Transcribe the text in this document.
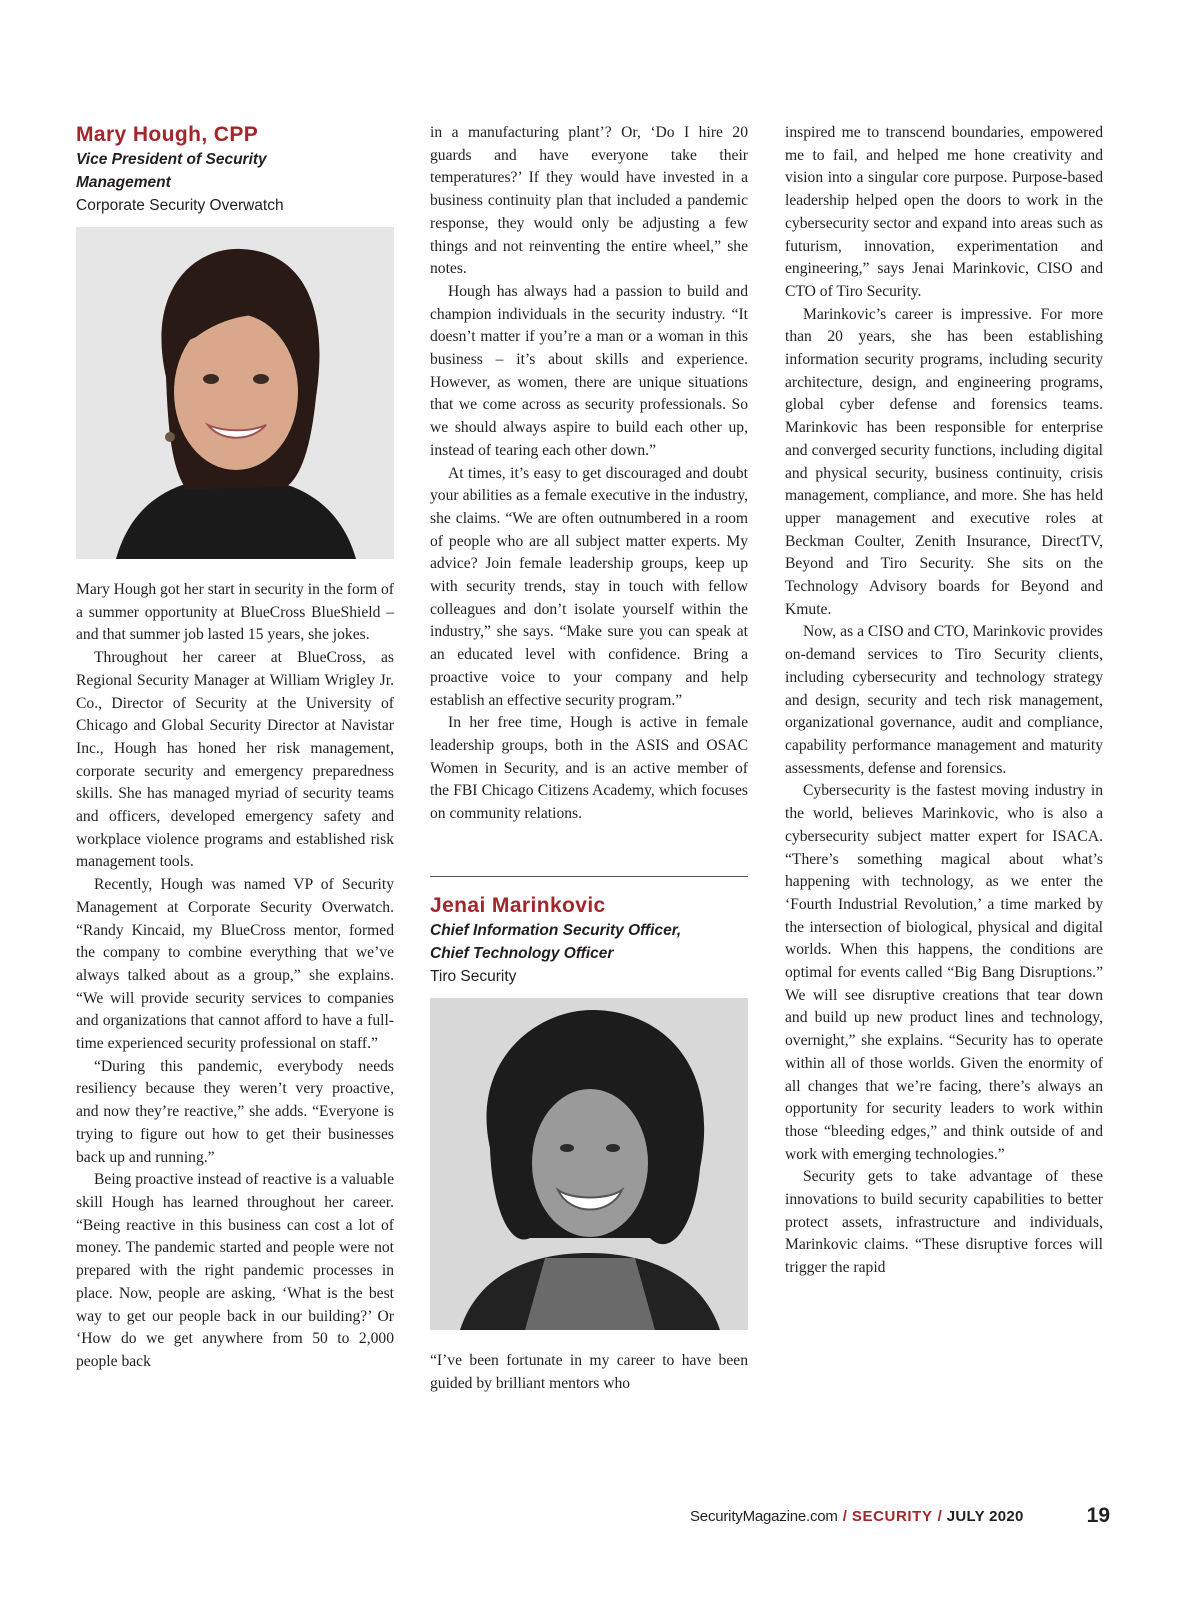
Mary Hough, CPP
Vice President of Security
Management
Corporate Security Overwatch

Mary Hough got her start in security in the form of a summer opportunity at BlueCross BlueShield – and that summer job lasted 15 years, she jokes.

Throughout her career at BlueCross, as Regional Security Manager at William Wrigley Jr. Co., Director of Security at the University of Chicago and Global Security Director at Navistar Inc., Hough has honed her risk management, corporate security and emergency preparedness skills. She has managed myriad of security teams and officers, developed emergency safety and workplace violence programs and established risk management tools.

Recently, Hough was named VP of Security Management at Corporate Security Overwatch. “Randy Kincaid, my BlueCross mentor, formed the company to combine everything that we’ve always talked about as a group,” she explains. “We will provide security services to companies and organizations that cannot afford to have a full-time experienced security professional on staff.”

“During this pandemic, everybody needs resiliency because they weren’t very proactive, and now they’re reactive,” she adds. “Everyone is trying to figure out how to get their businesses back up and running.”

Being proactive instead of reactive is a valuable skill Hough has learned throughout her career. “Being reactive in this business can cost a lot of money. The pandemic started and people were not prepared with the right pandemic processes in place. Now, people are asking, ‘What is the best way to get our people back in our building?’ Or ‘How do we get anywhere from 50 to 2,000 people back

in a manufacturing plant’? Or, ‘Do I hire 20 guards and have everyone take their temperatures?’ If they would have invested in a business continuity plan that included a pandemic response, they would only be adjusting a few things and not reinventing the entire wheel,” she notes.

Hough has always had a passion to build and champion individuals in the security industry. “It doesn’t matter if you’re a man or a woman in this business – it’s about skills and experience. However, as women, there are unique situations that we come across as security professionals. So we should always aspire to build each other up, instead of tearing each other down.”

At times, it’s easy to get discouraged and doubt your abilities as a female executive in the industry, she claims. “We are often outnumbered in a room of people who are all subject matter experts. My advice? Join female leadership groups, keep up with security trends, stay in touch with fellow colleagues and don’t isolate yourself within the industry,” she says. “Make sure you can speak at an educated level with confidence. Bring a proactive voice to your company and help establish an effective security program.”

In her free time, Hough is active in female leadership groups, both in the ASIS and OSAC Women in Security, and is an active member of the FBI Chicago Citizens Academy, which focuses on community relations.

Jenai Marinkovic
Chief Information Security Officer,
Chief Technology Officer
Tiro Security

“I’ve been fortunate in my career to have been guided by brilliant mentors who

inspired me to transcend boundaries, empowered me to fail, and helped me hone creativity and vision into a singular core purpose. Purpose-based leadership helped open the doors to work in the cybersecurity sector and expand into areas such as futurism, innovation, experimentation and engineering,” says Jenai Marinkovic, CISO and CTO of Tiro Security.

Marinkovic’s career is impressive. For more than 20 years, she has been establishing information security programs, including security architecture, design, and engineering programs, global cyber defense and forensics teams. Marinkovic has been responsible for enterprise and converged security functions, including digital and physical security, business continuity, crisis management, compliance, and more. She has held upper management and executive roles at Beckman Coulter, Zenith Insurance, DirectTV, Beyond and Tiro Security. She sits on the Technology Advisory boards for Beyond and Kmute.

Now, as a CISO and CTO, Marinkovic provides on-demand services to Tiro Security clients, including cybersecurity and technology strategy and design, security and tech risk management, organizational governance, audit and compliance, capability performance management and maturity assessments, defense and forensics.

Cybersecurity is the fastest moving industry in the world, believes Marinkovic, who is also a cybersecurity subject matter expert for ISACA. “There’s something magical about what’s happening with technology, as we enter the ‘Fourth Industrial Revolution,’ a time marked by the intersection of biological, physical and digital worlds. When this happens, the conditions are optimal for events called “Big Bang Disruptions.” We will see disruptive creations that tear down and build up new product lines and technology, overnight,” she explains. “Security has to operate within all of those worlds. Given the enormity of all changes that we’re facing, there’s always an opportunity for security leaders to work within those “bleeding edges,” and think outside of and work with emerging technologies.”

Security gets to take advantage of these innovations to build security capabilities to better protect assets, infrastructure and individuals, Marinkovic claims. “These disruptive forces will trigger the rapid

SecurityMagazine.com / SECURITY / JULY 2020	19
